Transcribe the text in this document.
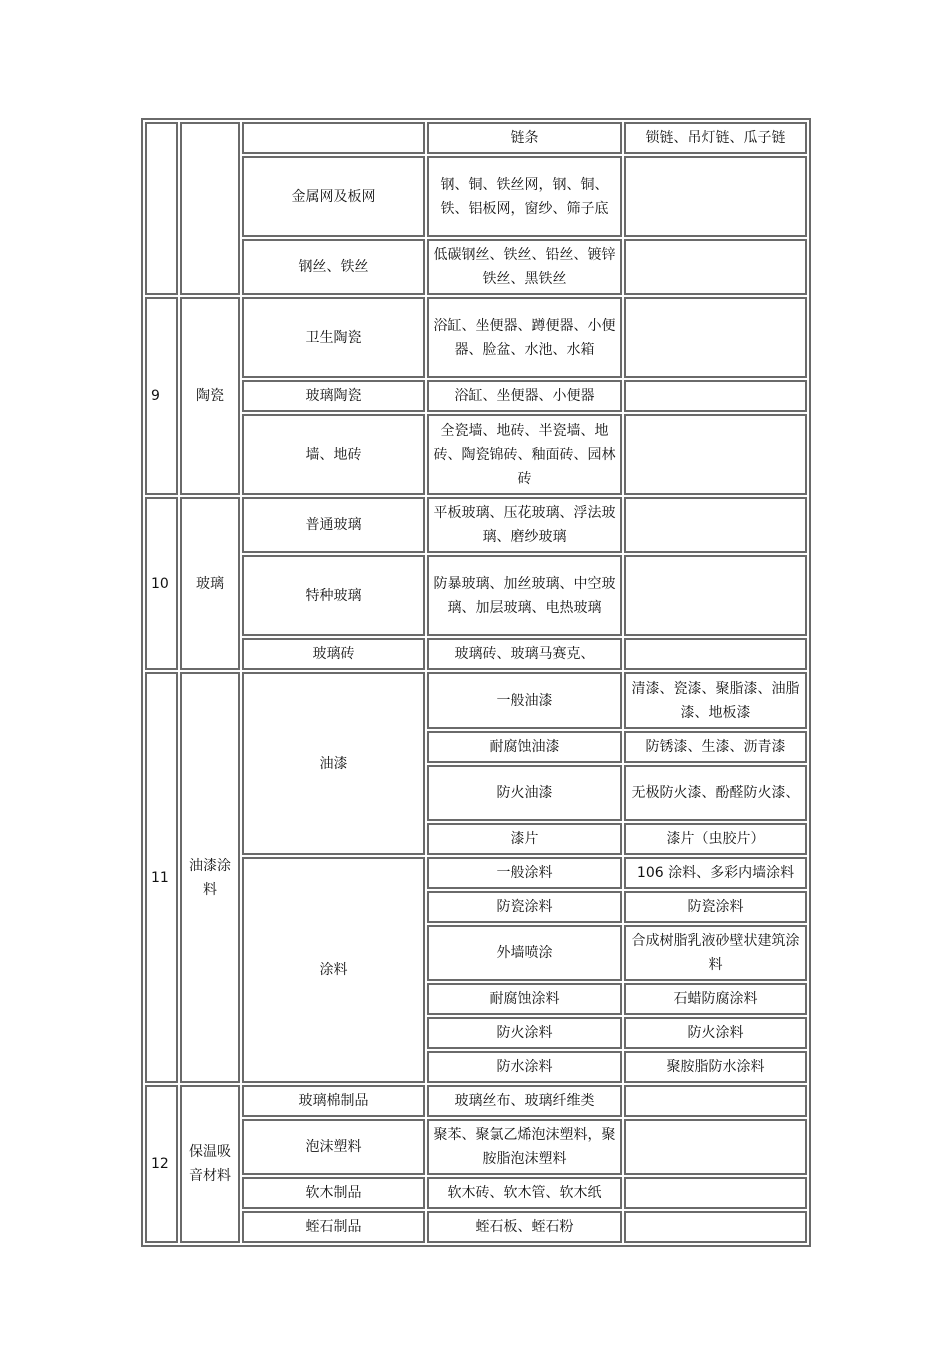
			链条	锁链、吊灯链、瓜子链
		金属网及板网	钢、铜、铁丝网，钢、铜、铁、铝板网，窗纱、筛子底	
		钢丝、铁丝	低碳钢丝、铁丝、铅丝、镀锌铁丝、黑铁丝	
9	陶瓷	卫生陶瓷	浴缸、坐便器、蹲便器、小便器、脸盆、水池、水箱	
		玻璃陶瓷	浴缸、坐便器、小便器	
		墙、地砖	全瓷墙、地砖、半瓷墙、地砖、陶瓷锦砖、釉面砖、园林砖	
10	玻璃	普通玻璃	平板玻璃、压花玻璃、浮法玻璃、磨纱玻璃	
		特种玻璃	防暴玻璃、加丝玻璃、中空玻璃、加层玻璃、电热玻璃	
		玻璃砖	玻璃砖、玻璃马赛克、	
11	油漆涂料	油漆	一般油漆	清漆、瓷漆、聚脂漆、油脂漆、地板漆
			耐腐蚀油漆	防锈漆、生漆、沥青漆
			防火油漆	无极防火漆、酚醛防火漆、
			漆片	漆片（虫胶片）
		涂料	一般涂料	106 涂料、多彩内墙涂料
			防瓷涂料	防瓷涂料
			外墙喷涂	合成树脂乳液砂壁状建筑涂料
			耐腐蚀涂料	石蜡防腐涂料
			防火涂料	防火涂料
			防水涂料	聚胺脂防水涂料
12	保温吸音材料	玻璃棉制品	玻璃丝布、玻璃纤维类	
		泡沫塑料	聚苯、聚氯乙烯泡沫塑料，聚胺脂泡沫塑料	
		软木制品	软木砖、软木管、软木纸	
		蛭石制品	蛭石板、蛭石粉	
